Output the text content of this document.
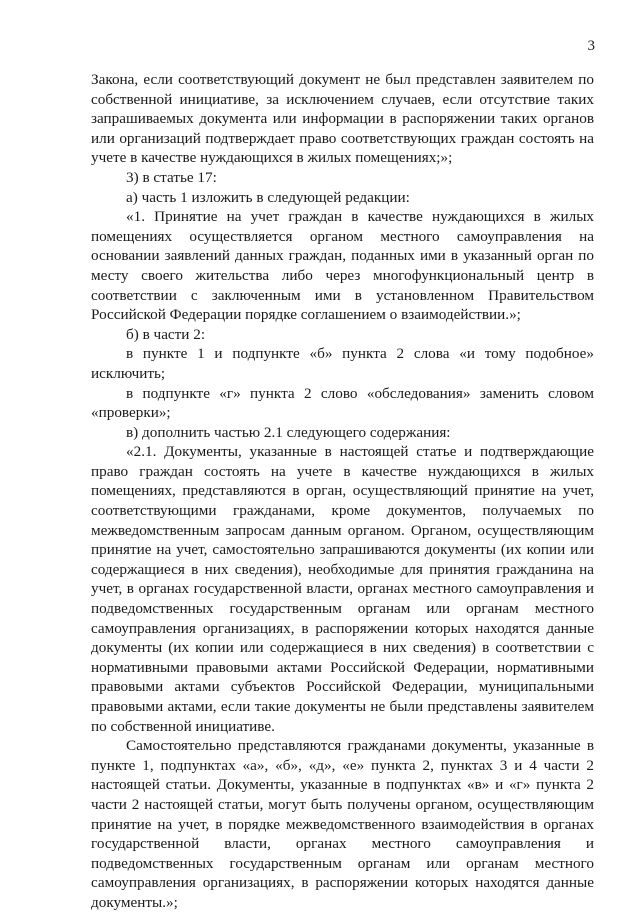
3

Закона, если соответствующий документ не был представлен заявителем по собственной инициативе, за исключением случаев, если отсутствие таких запрашиваемых документа или информации в распоряжении таких органов или организаций подтверждает право соответствующих граждан состоять на учете в качестве нуждающихся в жилых помещениях;»;

3) в статье 17:

а) часть 1 изложить в следующей редакции:

«1. Принятие на учет граждан в качестве нуждающихся в жилых помещениях осуществляется органом местного самоуправления на основании заявлений данных граждан, поданных ими в указанный орган по месту своего жительства либо через многофункциональный центр в соответствии с заключенным ими в установленном Правительством Российской Федерации порядке соглашением о взаимодействии.»;

б) в части 2:

в пункте 1 и подпункте «б» пункта 2 слова «и тому подобное» исключить;

в подпункте «г» пункта 2 слово «обследования» заменить словом «проверки»;

в) дополнить частью 2.1 следующего содержания:

«2.1. Документы, указанные в настоящей статье и подтверждающие право граждан состоять на учете в качестве нуждающихся в жилых помещениях, представляются в орган, осуществляющий принятие на учет, соответствующими гражданами, кроме документов, получаемых по межведомственным запросам данным органом. Органом, осуществляющим принятие на учет, самостоятельно запрашиваются документы (их копии или содержащиеся в них сведения), необходимые для принятия гражданина на учет, в органах государственной власти, органах местного самоуправления и подведомственных государственным органам или органам местного самоуправления организациях, в распоряжении которых находятся данные документы (их копии или содержащиеся в них сведения) в соответствии с нормативными правовыми актами Российской Федерации, нормативными правовыми актами субъектов Российской Федерации, муниципальными правовыми актами, если такие документы не были представлены заявителем по собственной инициативе.

Самостоятельно представляются гражданами документы, указанные в пункте 1, подпунктах «а», «б», «д», «е» пункта 2, пунктах 3 и 4 части 2 настоящей статьи. Документы, указанные в подпунктах «в» и «г» пункта 2 части 2 настоящей статьи, могут быть получены органом, осуществляющим принятие на учет, в порядке межведомственного взаимодействия в органах государственной власти, органах местного самоуправления и подведомственных государственным органам или органам местного самоуправления организациях, в распоряжении которых находятся данные документы.»;
